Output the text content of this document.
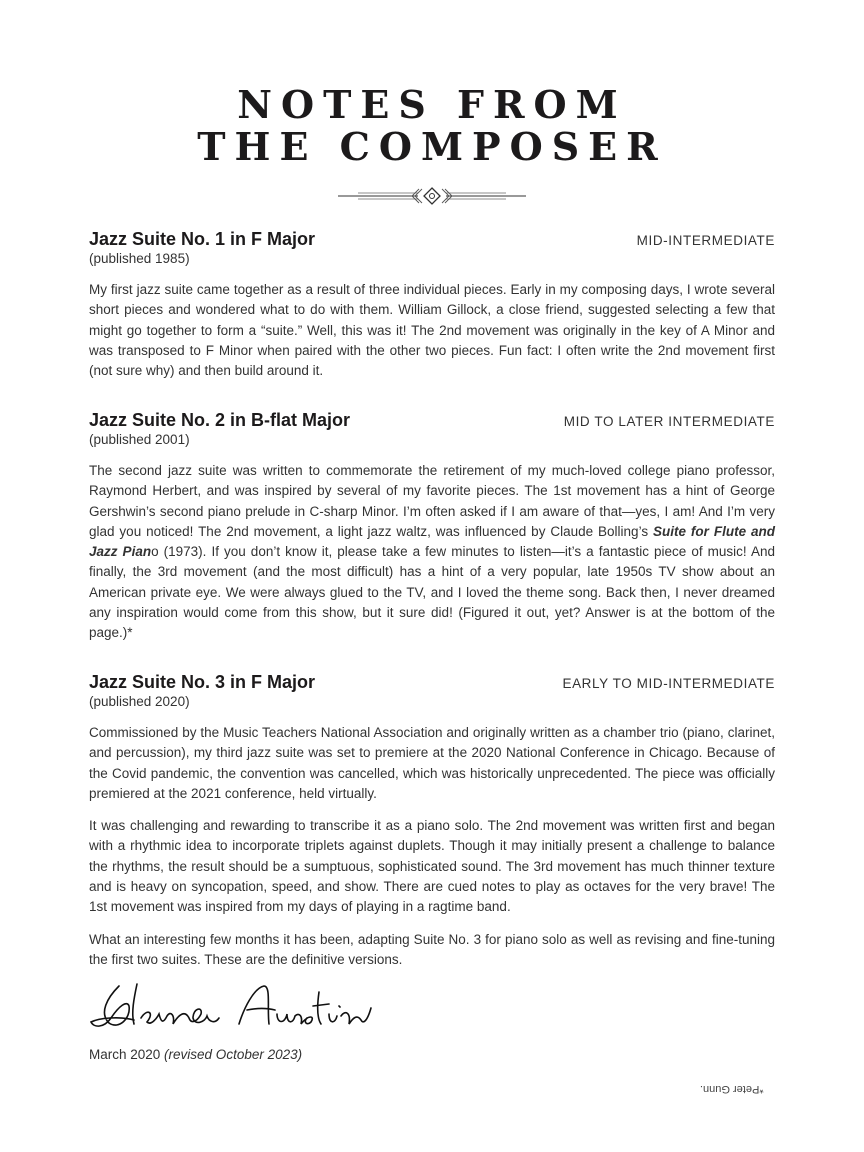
NOTES FROM
THE COMPOSER
Jazz Suite No. 1 in F Major	MID-INTERMEDIATE
(published 1985)

My first jazz suite came together as a result of three individual pieces. Early in my composing days, I wrote several short pieces and wondered what to do with them. William Gillock, a close friend, suggested selecting a few that might go together to form a “suite.” Well, this was it! The 2nd movement was originally in the key of A Minor and was transposed to F Minor when paired with the other two pieces. Fun fact: I often write the 2nd movement first (not sure why) and then build around it.

Jazz Suite No. 2 in B-flat Major	MID TO LATER INTERMEDIATE
(published 2001)

The second jazz suite was written to commemorate the retirement of my much-loved college piano professor, Raymond Herbert, and was inspired by several of my favorite pieces. The 1st movement has a hint of George Gershwin’s second piano prelude in C-sharp Minor. I’m often asked if I am aware of that—yes, I am! And I’m very glad you noticed! The 2nd movement, a light jazz waltz, was influenced by Claude Bolling’s Suite for Flute and Jazz Piano (1973). If you don’t know it, please take a few minutes to listen—it’s a fantastic piece of music! And finally, the 3rd movement (and the most difficult) has a hint of a very popular, late 1950s TV show about an American private eye. We were always glued to the TV, and I loved the theme song. Back then, I never dreamed any inspiration would come from this show, but it sure did! (Figured it out, yet? Answer is at the bottom of the page.)*

Jazz Suite No. 3 in F Major	EARLY TO MID-INTERMEDIATE
(published 2020)

Commissioned by the Music Teachers National Association and originally written as a chamber trio (piano, clarinet, and percussion), my third jazz suite was set to premiere at the 2020 National Conference in Chicago. Because of the Covid pandemic, the convention was cancelled, which was historically unprecedented. The piece was officially premiered at the 2021 conference, held virtually.

It was challenging and rewarding to transcribe it as a piano solo. The 2nd movement was written first and began with a rhythmic idea to incorporate triplets against duplets. Though it may initially present a challenge to balance the rhythms, the result should be a sumptuous, sophisticated sound. The 3rd movement has much thinner texture and is heavy on syncopation, speed, and show. There are cued notes to play as octaves for the very brave! The 1st movement was inspired from my days of playing in a ragtime band.

What an interesting few months it has been, adapting Suite No. 3 for piano solo as well as revising and fine-tuning the first two suites. These are the definitive versions.

March 2020 (revised October 2023)
*Peter Gunn.
